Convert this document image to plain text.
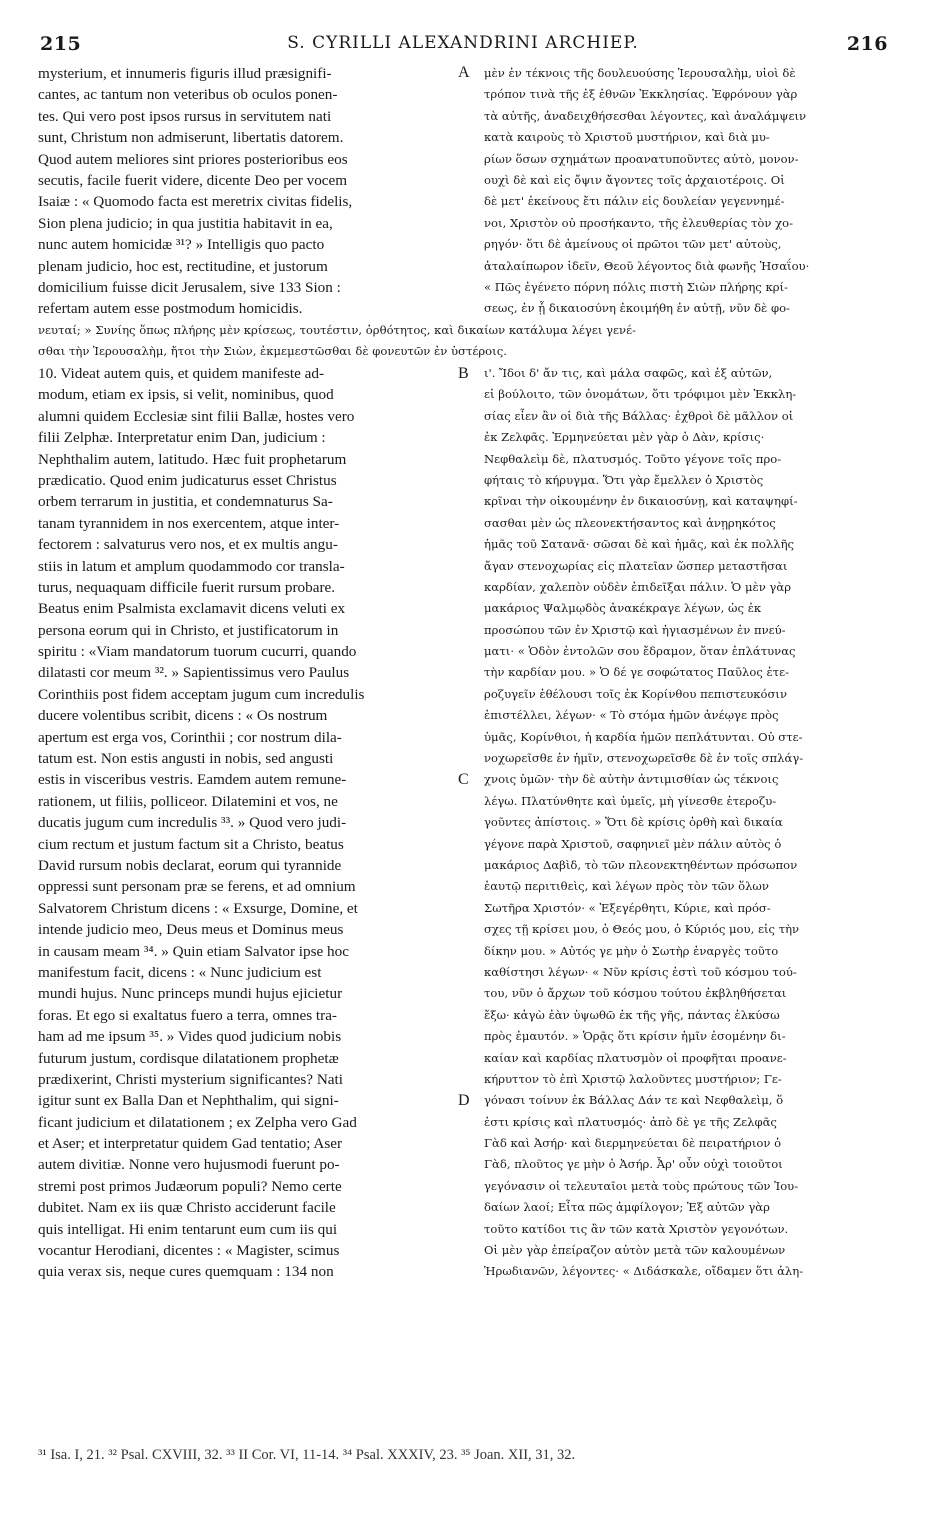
215	S. CYRILLI ALEXANDRINI ARCHIEP.	216
mysterium, et innumeris figuris illud præsignifi-
cantes, ac tantum non veteribus ob oculos ponen-
tes. Qui vero post ipsos rursus in servitutem nati
sunt, Christum non admiserunt, libertatis datorem.
Quod autem meliores sint priores posterioribus eos
secutis, facile fuerit videre, dicente Deo per vocem
Isaiæ : « Quomodo facta est meretrix civitas fidelis,
Sion plena judicio; in qua justitia habitavit in ea,
nunc autem homicidæ ³¹? » Intelligis quo pacto
plenam judicio, hoc est, rectitudine, et justorum
domicilium fuisse dicit Jerusalem, sive 133 Sion :
refertam autem esse postmodum homicidis.
μὲν ἐν τέκνοις τῆς δουλευούσης Ἱερουσαλὴμ, υἱοὶ δὲ
τρόπον τινὰ τῆς ἐξ ἐθνῶν Ἐκκλησίας. Ἐφρόνουν γὰρ
τὰ αὐτῆς, ἀναδειχθήσεσθαι λέγοντες, καὶ ἀναλάμψειν
κατὰ καιροὺς τὸ Χριστοῦ μυστήριον, καὶ διὰ μυ-
ρίων ὅσων σχημάτων προανατυποῦντες αὐτὸ, μονον-
ουχὶ δὲ καὶ εἰς ὄψιν ἄγοντες τοῖς ἀρχαιοτέροις. Οἱ
δὲ μετ' ἐκείνους ἔτι πάλιν εἰς δουλείαν γεγεννημέ-
νοι, Χριστὸν οὐ προσήκαντο, τῆς ἐλευθερίας τὸν χο-
ρηγόν· ὅτι δὲ ἀμείνους οἱ πρῶτοι τῶν μετ' αὐτοὺς,
ἀταλαίπωρον ἰδεῖν, Θεοῦ λέγοντος διὰ φωνῆς Ἡσαΐου·
« Πῶς ἐγένετο πόρνη πόλις πιστὴ Σιὼν πλήρης κρί-
σεως, ἐν ᾗ δικαιοσύνη ἐκοιμήθη ἐν αὐτῇ, νῦν δὲ φο-
νευταί; » Συνίης ὅπως πλήρης μὲν κρίσεως, τουτέστιν, ὀρθότητος, καὶ δικαίων κατάλυμα λέγει γενέ-
σθαι τὴν Ἱερουσαλὴμ, ἤτοι τὴν Σιὼν, ἐκμεμεστῶσθαι δὲ φονευτῶν ἐν ὑστέροις.
10. Videat autem quis, et quidem manifeste ad-
modum, etiam ex ipsis, si velit, nominibus, quod
alumni quidem Ecclesiæ sint filii Ballæ, hostes vero
filii Zelphæ. Interpretatur enim Dan, judicium :
Nephthalim autem, latitudo. Hæc fuit prophetarum
prædicatio. Quod enim judicaturus esset Christus
orbem terrarum in justitia, et condemnaturus Sa-
tanam tyrannidem in nos exercentem, atque inter-
fectorem : salvaturus vero nos, et ex multis angu-
stiis in latum et amplum quodammodo cor transla-
turus, nequaquam difficile fuerit rursum probare.
Beatus enim Psalmista exclamavit dicens veluti ex
persona eorum qui in Christo, et justificatorum in
spiritu : «Viam mandatorum tuorum cucurri, quando
dilatasti cor meum ³². » Sapientissimus vero Paulus
Corinthiis post fidem acceptam jugum cum incredulis
ducere volentibus scribit, dicens : « Os nostrum
apertum est erga vos, Corinthii ; cor nostrum dila-
tatum est. Non estis angusti in nobis, sed angusti
estis in visceribus vestris. Eamdem autem remune-
rationem, ut filiis, polliceor. Dilatemini et vos, ne
ducatis jugum cum incredulis ³³. » Quod vero judi-
cium rectum et justum factum sit a Christo, beatus
David rursum nobis declarat, eorum qui tyrannide
oppressi sunt personam præ se ferens, et ad omnium
Salvatorem Christum dicens : « Exsurge, Domine, et
intende judicio meo, Deus meus et Dominus meus
in causam meam ³⁴. » Quin etiam Salvator ipse hoc
manifestum facit, dicens : « Nunc judicium est
mundi hujus. Nunc princeps mundi hujus ejicietur
foras. Et ego si exaltatus fuero a terra, omnes tra-
ham ad me ipsum ³⁵. » Vides quod judicium nobis
futurum justum, cordisque dilatationem prophetæ
prædixerint, Christi mysterium significantes? Nati
igitur sunt ex Balla Dan et Nephthalim, qui signi-
ficant judicium et dilatationem ; ex Zelpha vero Gad
et Aser; et interpretatur quidem Gad tentatio; Aser
autem divitiæ. Nonne vero hujusmodi fuerunt po-
stremi post primos Judæorum populi? Nemo certe
dubitet. Nam ex iis quæ Christo acciderunt facile
quis intelligat. Hi enim tentarunt eum cum iis qui
vocantur Herodiani, dicentes : « Magister, scimus
quia verax sis, neque cures quemquam : 134 non
ι'. Ἴδοι δ' ἄν τις, καὶ μάλα σαφῶς, καὶ ἐξ αὐτῶν,
εἰ βούλοιτο, τῶν ὀνομάτων, ὅτι τρόφιμοι μὲν Ἐκκλη-
σίας εἶεν ἂν οἱ διὰ τῆς Βάλλας· ἐχθροὶ δὲ μᾶλλον οἱ
ἐκ Ζελφᾶς. Ἑρμηνεύεται μὲν γὰρ ὁ Δὰν, κρίσις·
Νεφθαλεὶμ δὲ, πλατυσμός. Τοῦτο γέγονε τοῖς προ-
φήταις τὸ κήρυγμα. Ὅτι γὰρ ἔμελλεν ὁ Χριστὸς
κρῖναι τὴν οἰκουμένην ἐν δικαιοσύνῃ, καὶ καταψηφί-
σασθαι μὲν ὡς πλεονεκτήσαντος καὶ ἀνῃρηκότος
ἡμᾶς τοῦ Σατανᾶ· σῶσαι δὲ καὶ ἡμᾶς, καὶ ἐκ πολλῆς
ἄγαν στενοχωρίας εἰς πλατεῖαν ὥσπερ μεταστῆσαι
καρδίαν, χαλεπὸν οὐδὲν ἐπιδεῖξαι πάλιν. Ὁ μὲν γὰρ
μακάριος Ψαλμῳδὸς ἀνακέκραγε λέγων, ὡς ἐκ
προσώπου τῶν ἐν Χριστῷ καὶ ἡγιασμένων ἐν πνεύ-
ματι· « Ὁδὸν ἐντολῶν σου ἔδραμον, ὅταν ἐπλάτυνας
τὴν καρδίαν μου. » Ὁ δέ γε σοφώτατος Παῦλος ἑτε-
ροζυγεῖν ἐθέλουσι τοῖς ἐκ Κορίνθου πεπιστευκόσιν
ἐπιστέλλει, λέγων· « Τὸ στόμα ἡμῶν ἀνέῳγε πρὸς
ὑμᾶς, Κορίνθιοι, ἡ καρδία ἡμῶν πεπλάτυνται. Οὐ στε-
νοχωρεῖσθε ἐν ἡμῖν, στενοχωρεῖσθε δὲ ἐν τοῖς σπλάγ-
χνοις ὑμῶν· τὴν δὲ αὐτὴν ἀντιμισθίαν ὡς τέκνοις
λέγω. Πλατύνθητε καὶ ὑμεῖς, μὴ γίνεσθε ἑτεροζυ-
γοῦντες ἀπίστοις. » Ὅτι δὲ κρίσις ὀρθὴ καὶ δικαία
γέγονε παρὰ Χριστοῦ, σαφηνιεῖ μὲν πάλιν αὐτὸς ὁ
μακάριος Δαβὶδ, τὸ τῶν πλεονεκτηθέντων πρόσωπον
ἑαυτῷ περιτιθεὶς, καὶ λέγων πρὸς τὸν τῶν ὅλων
Σωτῆρα Χριστόν· « Ἐξεγέρθητι, Κύριε, καὶ πρόσ-
σχες τῇ κρίσει μου, ὁ Θεός μου, ὁ Κύριός μου, εἰς τὴν
δίκην μου. » Αὐτός γε μὴν ὁ Σωτὴρ ἐναργὲς τοῦτο
καθίστησι λέγων· « Νῦν κρίσις ἐστὶ τοῦ κόσμου τού-
του, νῦν ὁ ἄρχων τοῦ κόσμου τούτου ἐκβληθήσεται
ἔξω· κἀγὼ ἐὰν ὑψωθῶ ἐκ τῆς γῆς, πάντας ἑλκύσω
πρὸς ἐμαυτόν. » Ὁρᾷς ὅτι κρίσιν ἡμῖν ἐσομένην δι-
καίαν καὶ καρδίας πλατυσμὸν οἱ προφῆται προανε-
κήρυττον τὸ ἐπὶ Χριστῷ λαλοῦντες μυστήριον; Γε-
γόνασι τοίνυν ἐκ Βάλλας Δάν τε καὶ Νεφθαλεὶμ, ὅ
ἐστι κρίσις καὶ πλατυσμός· ἀπὸ δὲ γε τῆς Ζελφᾶς
Γὰδ καὶ Ἀσήρ· καὶ διερμηνεύεται δὲ πειρατήριον ὁ
Γὰδ, πλοῦτος γε μὴν ὁ Ἀσήρ. Ἆρ' οὖν οὐχὶ τοιοῦτοι
γεγόνασιν οἱ τελευταῖοι μετὰ τοὺς πρώτους τῶν Ἰου-
δαίων λαοί; Εἶτα πῶς ἀμφίλογον; Ἐξ αὐτῶν γὰρ
τοῦτο κατίδοι τις ἂν τῶν κατὰ Χριστὸν γεγονότων.
Οἱ μὲν γὰρ ἐπείραζον αὐτὸν μετὰ τῶν καλουμένων
Ἡρωδιανῶν, λέγοντες· « Διδάσκαλε, οἴδαμεν ὅτι ἀλη-
A
B
C
D
³¹ Isa. I, 21. ³² Psal. CXVIII, 32. ³³ II Cor. VI, 11-14. ³⁴ Psal. XXXIV, 23. ³⁵ Joan. XII, 31, 32.
